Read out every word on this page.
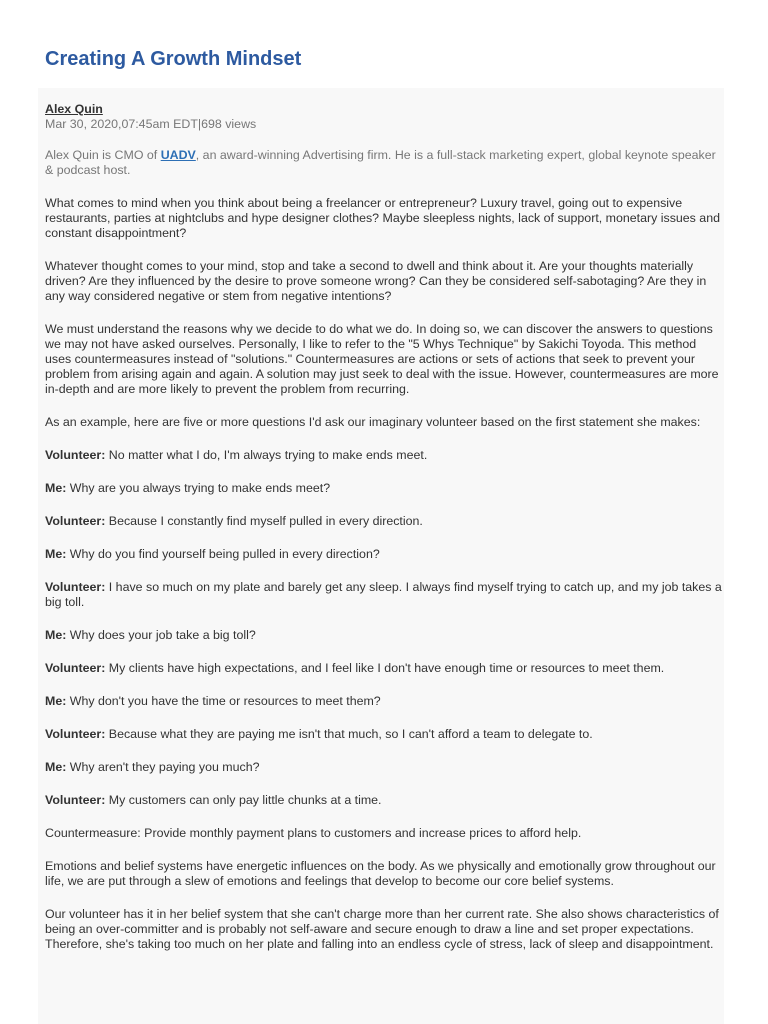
Creating A Growth Mindset
Alex Quin
Mar 30, 2020,07:45am EDT|698 views
Alex Quin is CMO of UADV, an award-winning Advertising firm. He is a full-stack marketing expert, global keynote speaker & podcast host.

What comes to mind when you think about being a freelancer or entrepreneur? Luxury travel, going out to expensive restaurants, parties at nightclubs and hype designer clothes? Maybe sleepless nights, lack of support, monetary issues and constant disappointment?

Whatever thought comes to your mind, stop and take a second to dwell and think about it. Are your thoughts materially driven? Are they influenced by the desire to prove someone wrong? Can they be considered self-sabotaging? Are they in any way considered negative or stem from negative intentions?

We must understand the reasons why we decide to do what we do. In doing so, we can discover the answers to questions we may not have asked ourselves. Personally, I like to refer to the "5 Whys Technique" by Sakichi Toyoda. This method uses countermeasures instead of "solutions." Countermeasures are actions or sets of actions that seek to prevent your problem from arising again and again. A solution may just seek to deal with the issue. However, countermeasures are more in-depth and are more likely to prevent the problem from recurring.

As an example, here are five or more questions I'd ask our imaginary volunteer based on the first statement she makes:

Volunteer: No matter what I do, I'm always trying to make ends meet.

Me: Why are you always trying to make ends meet?

Volunteer: Because I constantly find myself pulled in every direction.

Me: Why do you find yourself being pulled in every direction?

Volunteer: I have so much on my plate and barely get any sleep. I always find myself trying to catch up, and my job takes a big toll.

Me: Why does your job take a big toll?

Volunteer: My clients have high expectations, and I feel like I don't have enough time or resources to meet them.

Me: Why don't you have the time or resources to meet them?

Volunteer: Because what they are paying me isn't that much, so I can't afford a team to delegate to.

Me: Why aren't they paying you much?

Volunteer: My customers can only pay little chunks at a time.

Countermeasure: Provide monthly payment plans to customers and increase prices to afford help.

Emotions and belief systems have energetic influences on the body. As we physically and emotionally grow throughout our life, we are put through a slew of emotions and feelings that develop to become our core belief systems.

Our volunteer has it in her belief system that she can't charge more than her current rate. She also shows characteristics of being an over-committer and is probably not self-aware and secure enough to draw a line and set proper expectations. Therefore, she's taking too much on her plate and falling into an endless cycle of stress, lack of sleep and disappointment.
